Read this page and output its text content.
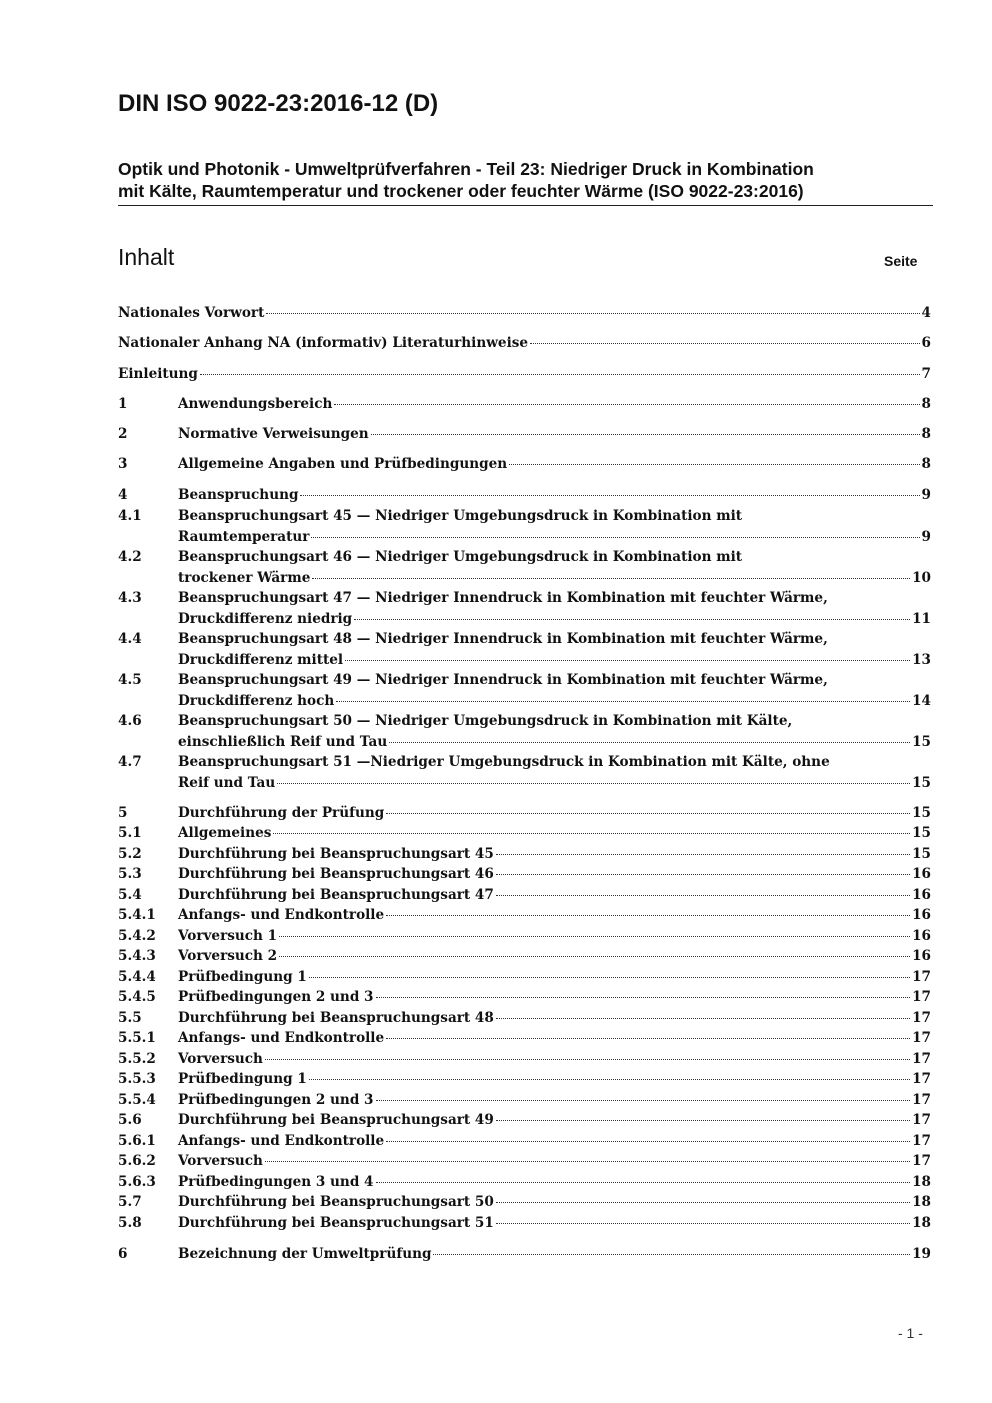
DIN ISO 9022-23:2016-12 (D)
Optik und Photonik - Umweltprüfverfahren - Teil 23: Niedriger Druck in Kombination
mit Kälte, Raumtemperatur und trockener oder feuchter Wärme (ISO 9022-23:2016)
Inhalt	Seite
Nationales Vorwort	4
Nationaler Anhang NA (informativ) Literaturhinweise	6
Einleitung	7
1	Anwendungsbereich	8
2	Normative Verweisungen	8
3	Allgemeine Angaben und Prüfbedingungen	8
4	Beanspruchung	9
4.1	Beanspruchungsart 45 — Niedriger Umgebungsdruck in Kombination mit
Raumtemperatur	9
4.2	Beanspruchungsart 46 — Niedriger Umgebungsdruck in Kombination mit
trockener Wärme	10
4.3	Beanspruchungsart 47 — Niedriger Innendruck in Kombination mit feuchter Wärme,
Druckdifferenz niedrig	11
4.4	Beanspruchungsart 48 — Niedriger Innendruck in Kombination mit feuchter Wärme,
Druckdifferenz mittel	13
4.5	Beanspruchungsart 49 — Niedriger Innendruck in Kombination mit feuchter Wärme,
Druckdifferenz hoch	14
4.6	Beanspruchungsart 50 — Niedriger Umgebungsdruck in Kombination mit Kälte,
einschließlich Reif und Tau	15
4.7	Beanspruchungsart 51 —Niedriger Umgebungsdruck in Kombination mit Kälte, ohne
Reif und Tau	15
5	Durchführung der Prüfung	15
5.1	Allgemeines	15
5.2	Durchführung bei Beanspruchungsart 45	15
5.3	Durchführung bei Beanspruchungsart 46	16
5.4	Durchführung bei Beanspruchungsart 47	16
5.4.1 Anfangs- und Endkontrolle	16
5.4.2 Vorversuch 1	16
5.4.3 Vorversuch 2	16
5.4.4 Prüfbedingung 1	17
5.4.5 Prüfbedingungen 2 und 3	17
5.5	Durchführung bei Beanspruchungsart 48	17
5.5.1 Anfangs- und Endkontrolle	17
5.5.2 Vorversuch	17
5.5.3 Prüfbedingung 1	17
5.5.4 Prüfbedingungen 2 und 3	17
5.6	Durchführung bei Beanspruchungsart 49	17
5.6.1 Anfangs- und Endkontrolle	17
5.6.2 Vorversuch	17
5.6.3 Prüfbedingungen 3 und 4	18
5.7	Durchführung bei Beanspruchungsart 50	18
5.8	Durchführung bei Beanspruchungsart 51	18
6	Bezeichnung der Umweltprüfung	19
- 1 -
